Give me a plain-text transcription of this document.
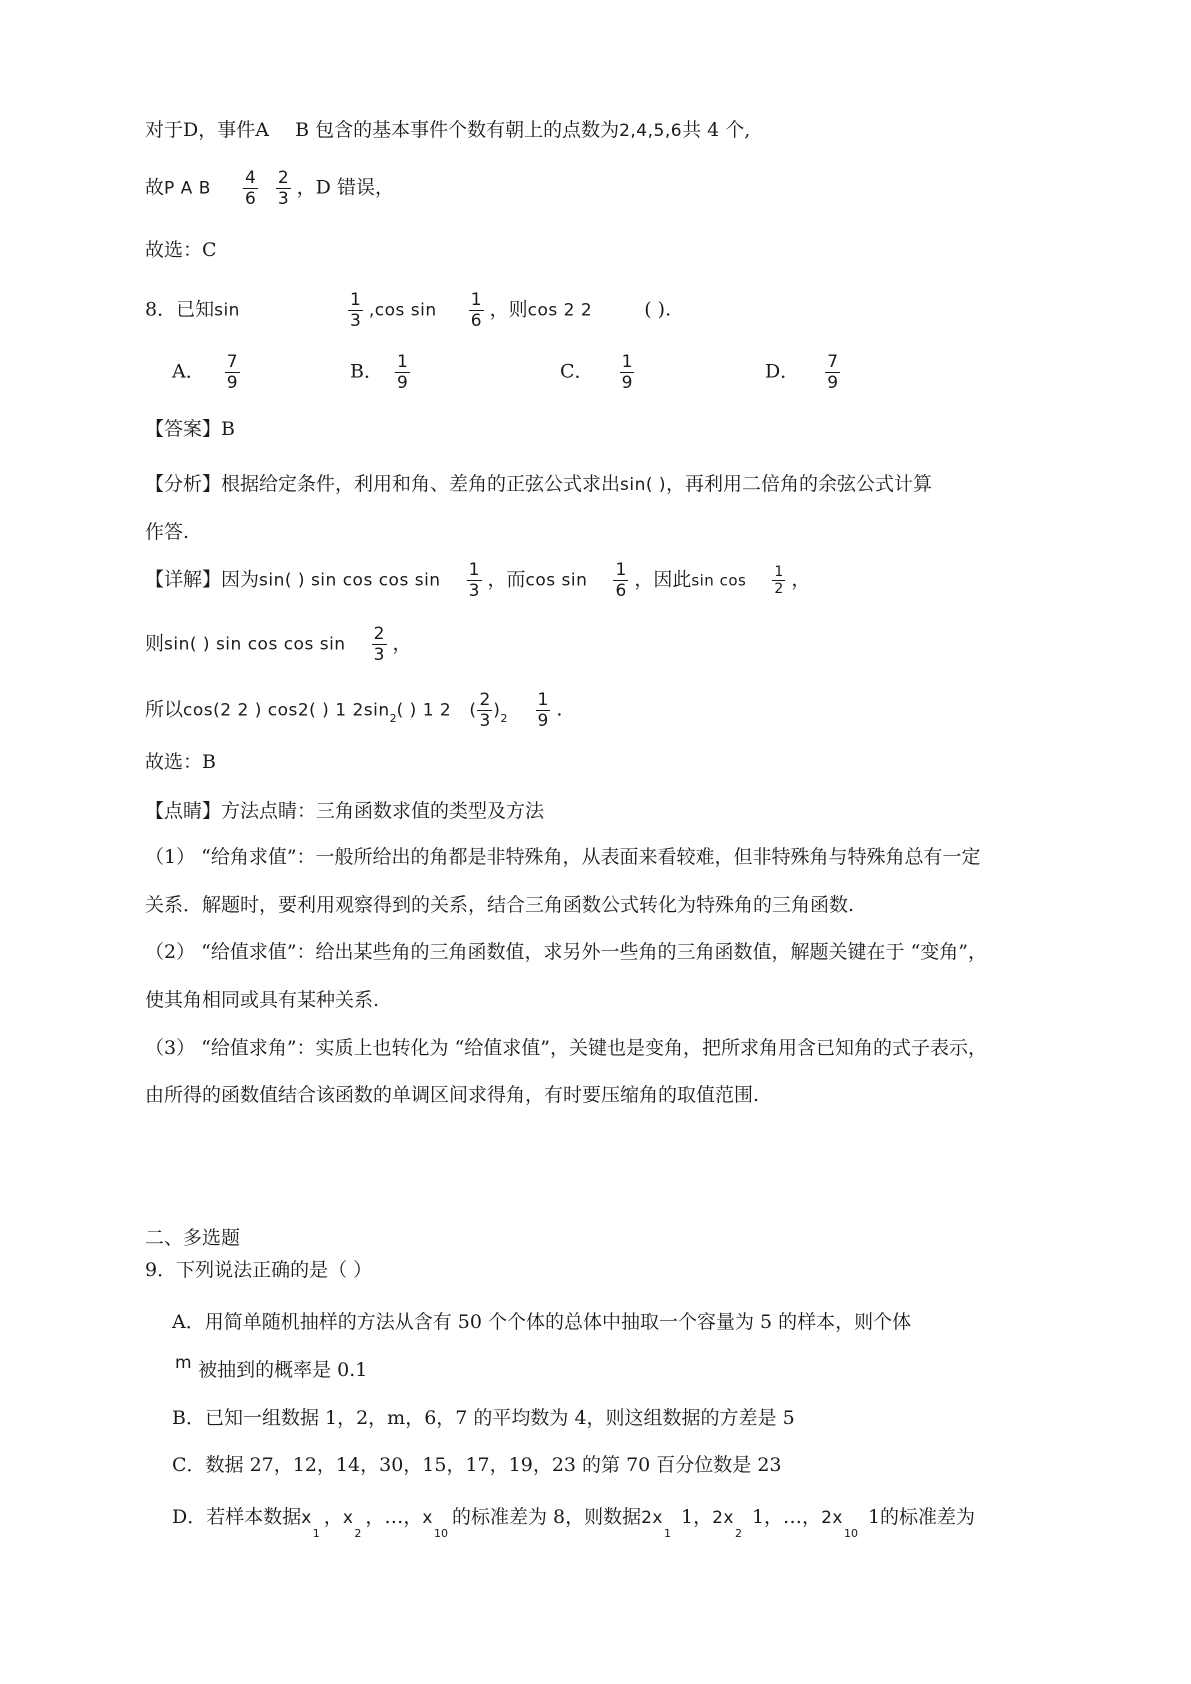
对于D，事件A B 包含的基本事件个数有朝上的点数为2,4,5,6共 4 个,
故P A B $\frac{4}{6}$
$\frac{2}{3}$ ，D 错误，
故选：C
8．已知sin	$\frac{1}{3} ,\cos$ $\sin \frac{1}{6}$ ，则cos 2 2	( ).
A． $\frac{7}{9}$	B． $\frac{1}{9}$	C． $\frac{1}{9}$	D． $\frac{7}{9}$
【答案】B
【分析】根据给定条件，利用和角、差角的正弦公式求出sin( )，再利用二倍角的余弦公式计算
作答.
【详解】因为sin( ) $\sin \cos \cos \sin \frac{1}{3}$ ，而$\cos \sin \frac{1}{6}$ ，因此$\sin \cos \frac{1}{2}$ ，
则sin( ) $\sin \cos \cos \sin \frac{2}{3}$ ，
所以cos(2 2 ) cos2( ) 1 $2\sin_2$( ) 1 2 ( $\frac{2}{3} )_2 \frac{1}{9}$ .
故选：B
【点睛】方法点睛：三角函数求值的类型及方法
（1） “给角求值”：一般所给出的角都是非特殊角，从表面来看较难，但非特殊角与特殊角总有一定
关系．解题时，要利用观察得到的关系，结合三角函数公式转化为特殊角的三角函数.
（2） “给值求值”：给出某些角的三角函数值，求另外一些角的三角函数值，解题关键在于 “变角”，
使其角相同或具有某种关系.
（3） “给值求角”：实质上也转化为 “给值求值”，关键也是变角，把所求角用含已知角的式子表示，
由所得的函数值结合该函数的单调区间求得角，有时要压缩角的取值范围.
二、多选题
9．下列说法正确的是（ ）
A．用简单随机抽样的方法从含有 50 个个体的总体中抽取一个容量为 5 的样本，则个体
m 被抽到的概率是 0.1
B．已知一组数据 1，2，m，6，7 的平均数为 4，则这组数据的方差是 5
C．数据 27，12，14，30，15，17，19，23 的第 70 百分位数是 23
D．若样本数据$x_1$，$x_2$，…，$x_{10}$的标准差为 8，则数据$2x_11$，$2x_21$，…，$2x_{10}1$的标准差为
